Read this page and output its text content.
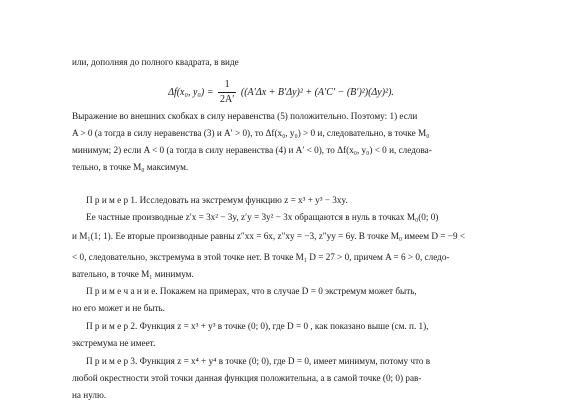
или, дополняя до полного квадрата, в виде
Δf(x₀, $y_0) = \frac{1}{2A'} ((A'\Delta x + B'\Delta y)^2 + (A'C' - (B')^2)(\Delta y)^2)$.
Выражение во внешних скобках в силу неравенства (5) положительно. Поэтому: 1) если
A > 0 (а тогда в силу неравенства (3) и A′ > 0), то Δf(x₀, y₀) > 0 и, следовательно, в точке M₀
минимум; 2) если A < 0 (а тогда в силу неравенства (4) и A′ < 0), то Δf(x₀, y₀) < 0 и, следова-
тельно, в точке M₀ максимум.
П р и м е р 1. Исследовать на экстремум функцию z = x³ + y³ − 3xy.
Ее частные производные z′x = 3x² − 3y, z′y = 3y² − 3x обращаются в нуль в точках M₀(0; 0)
и M₁(1; 1). Ее вторые производные равны z″xx = 6x, z″xy = −3, z″yy = 6y. В точке M₀ имеем D = −9 <
< 0, следовательно, экстремума в этой точке нет. В точке M₁ D = 27 > 0, причем A = 6 > 0, следо-
вательно, в точке M₁ минимум.
П р и м е ч а н и е. Покажем на примерах, что в случае D = 0 экстремум может быть,
но его может и не быть.
П р и м е р 2. Функция z = x³ + y³ в точке (0; 0), где D = 0 , как показано выше (см. п. 1),
экстремума не имеет.
П р и м е р 3. Функция z = x⁴ + y⁴ в точке (0; 0), где D = 0, имеет минимум, потому что в
любой окрестности этой точки данная функция положительна, а в самой точке (0; 0) рав-
на нулю.
